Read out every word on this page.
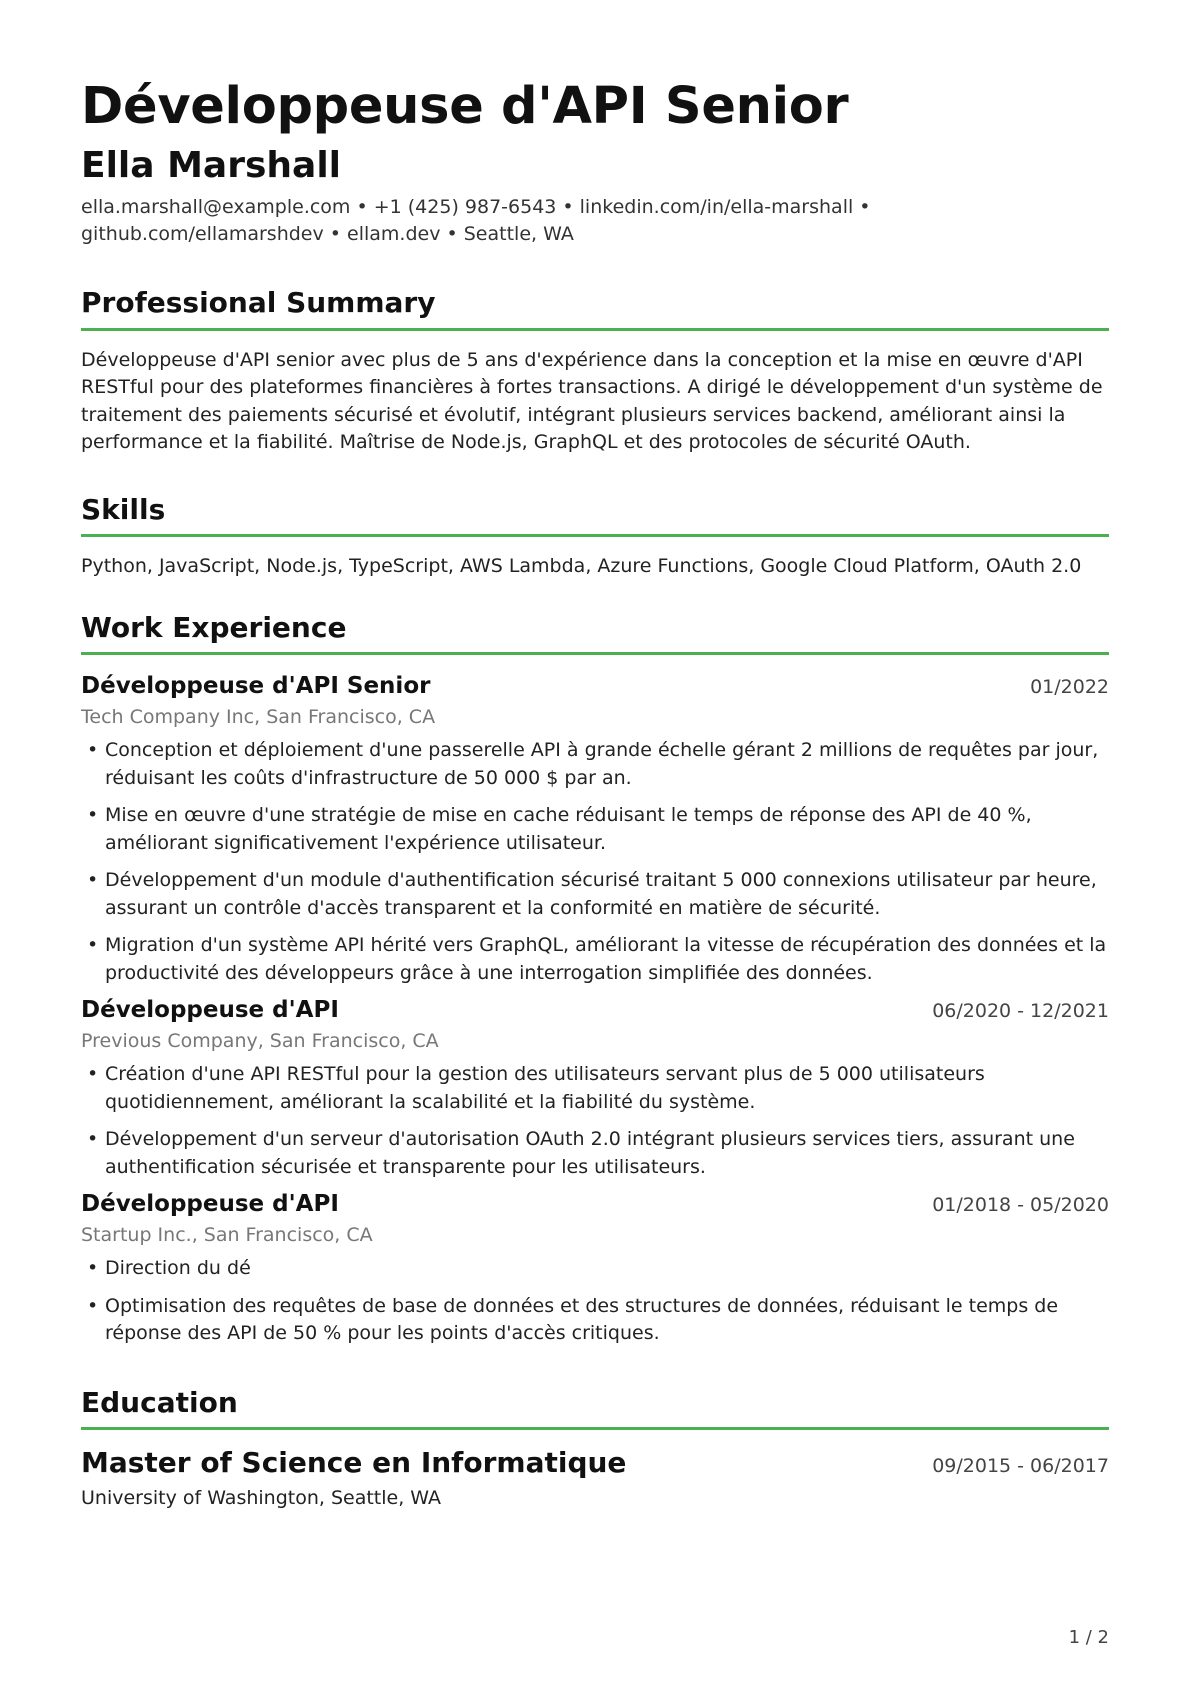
Développeuse d'API Senior
Ella Marshall
ella.marshall@example.com • +1 (425) 987-6543 • linkedin.com/in/ella-marshall • github.com/ellamarshdev • ellam.dev • Seattle, WA
Professional Summary
Développeuse d'API senior avec plus de 5 ans d'expérience dans la conception et la mise en œuvre d'API RESTful pour des plateformes financières à fortes transactions. A dirigé le développement d'un système de traitement des paiements sécurisé et évolutif, intégrant plusieurs services backend, améliorant ainsi la performance et la fiabilité. Maîtrise de Node.js, GraphQL et des protocoles de sécurité OAuth.
Skills
Python, JavaScript, Node.js, TypeScript, AWS Lambda, Azure Functions, Google Cloud Platform, OAuth 2.0
Work Experience
Développeuse d'API Senior	01/2022
Tech Company Inc, San Francisco, CA
• Conception et déploiement d'une passerelle API à grande échelle gérant 2 millions de requêtes par jour, réduisant les coûts d'infrastructure de 50 000 $ par an.
• Mise en œuvre d'une stratégie de mise en cache réduisant le temps de réponse des API de 40 %, améliorant significativement l'expérience utilisateur.
• Développement d'un module d'authentification sécurisé traitant 5 000 connexions utilisateur par heure, assurant un contrôle d'accès transparent et la conformité en matière de sécurité.
• Migration d'un système API hérité vers GraphQL, améliorant la vitesse de récupération des données et la productivité des développeurs grâce à une interrogation simplifiée des données.
Développeuse d'API	06/2020 - 12/2021
Previous Company, San Francisco, CA
• Création d'une API RESTful pour la gestion des utilisateurs servant plus de 5 000 utilisateurs quotidiennement, améliorant la scalabilité et la fiabilité du système.
• Développement d'un serveur d'autorisation OAuth 2.0 intégrant plusieurs services tiers, assurant une authentification sécurisée et transparente pour les utilisateurs.
Développeuse d'API	01/2018 - 05/2020
Startup Inc., San Francisco, CA
• Direction du dé
• Optimisation des requêtes de base de données et des structures de données, réduisant le temps de réponse des API de 50 % pour les points d'accès critiques.
Education
Master of Science en Informatique	09/2015 - 06/2017
University of Washington, Seattle, WA
1 / 2
